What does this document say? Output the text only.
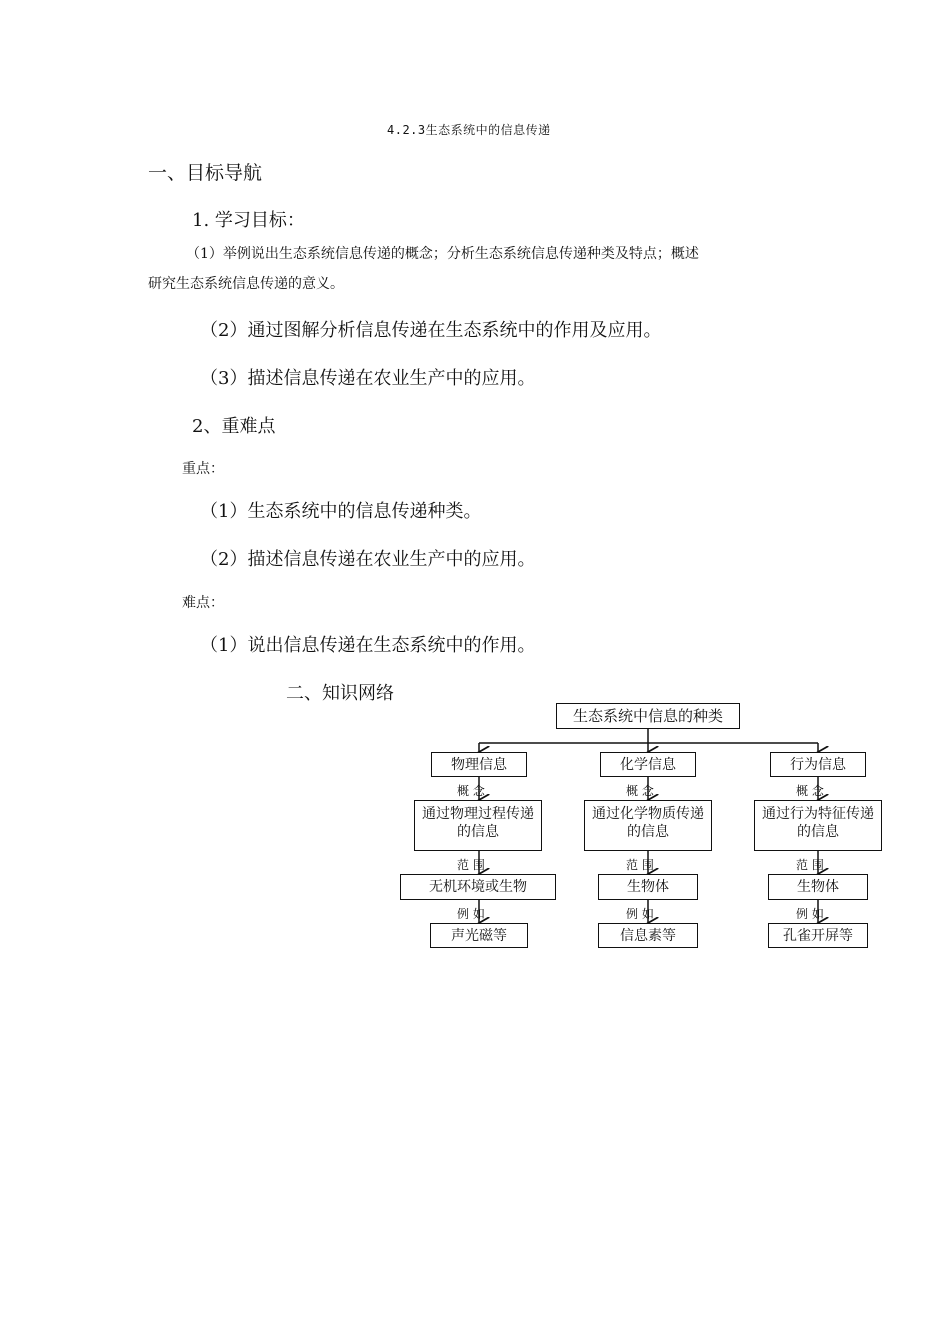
4.2.3生态系统中的信息传递
一、目标导航
1. 学习目标：
（1）举例说出生态系统信息传递的概念；分析生态系统信息传递种类及特点；概述
研究生态系统信息传递的意义。
（2）通过图解分析信息传递在生态系统中的作用及应用。
（3）描述信息传递在农业生产中的应用。
2、重难点
重点：
（1）生态系统中的信息传递种类。
（2）描述信息传递在农业生产中的应用。
难点：
（1）说出信息传递在生态系统中的作用。
二、知识网络
生态系统中信息的种类
物理信息
概 念
通过物理过程传递的信息
范 围
无机环境或生物
例 如
声光磁等
化学信息
概 念
通过化学物质传递的信息
范 围
生物体
例 如
信息素等
行为信息
概 念
通过行为特征传递的信息
范 围
生物体
例 如
孔雀开屏等
